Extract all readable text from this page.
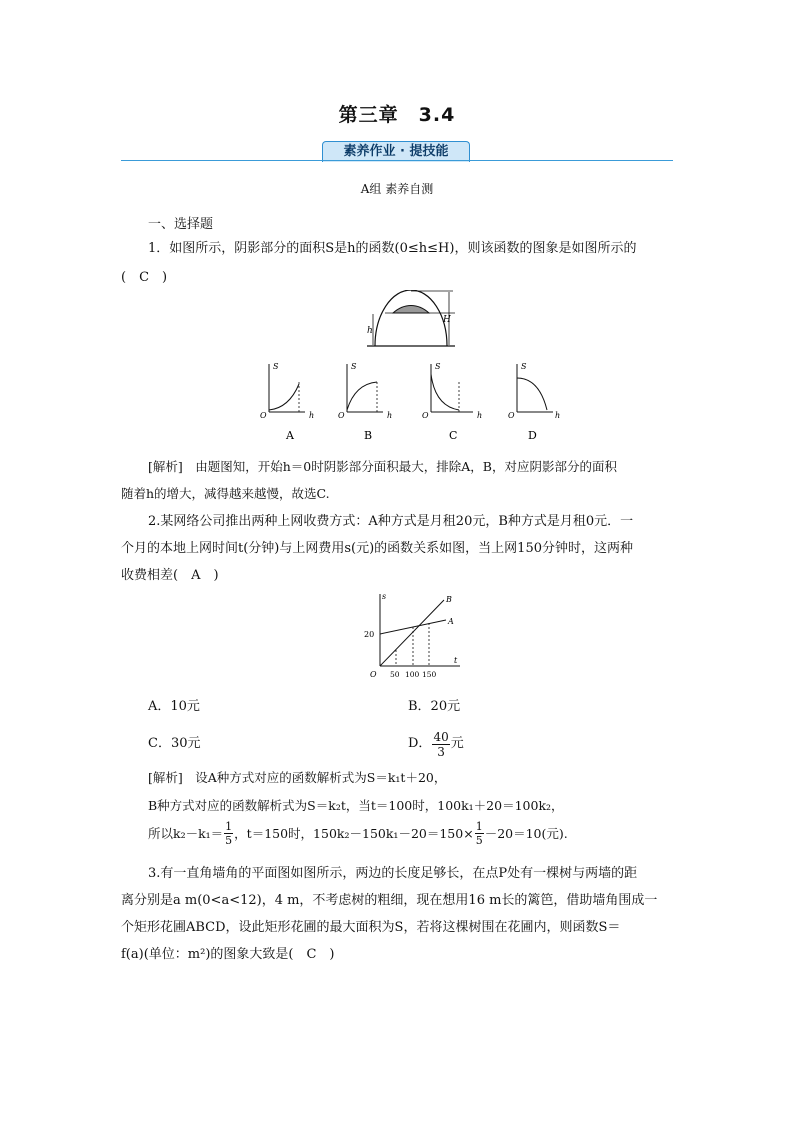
第三章　3.4
素养作业 · 提技能
A组 素养自测
一、选择题
1．如图所示，阴影部分的面积S是h的函数(0≤h≤H)，则该函数的图象是如图所示的
(　C　)
h
H
S
O	h
A
S
O	h
B
S
O	h
C
S
O	h
D
[解析]　由题图知，开始h＝0时阴影部分面积最大，排除A，B，对应阴影部分的面积
随着h的增大，减得越来越慢，故选C.
2.某网络公司推出两种上网收费方式：A种方式是月租20元，B种方式是月租0元．一
个月的本地上网时间t(分钟)与上网费用s(元)的函数关系如图，当上网150分钟时，这两种
收费相差(　A　)
s
t
O
20
50 100 150
A
B
A．10元	B．20元
C．30元	D． 40
3
元
[解析]　设A种方式对应的函数解析式为S＝k₁t＋20，
B种方式对应的函数解析式为S＝k₂t，当t＝100时，100k₁＋20＝100k₂，
所以k₂－k₁＝ 1
5 ，t＝150时，$150k_2-150k_1-20=150\times \frac{1}{5} -20=10$(元).
3.有一直角墙角的平面图如图所示，两边的长度足够长，在点P处有一棵树与两墙的距
离分别是a m(0<a<12)，4 m，不考虑树的粗细，现在想用16 m长的篱笆，借助墙角围成一
个矩形花圃ABCD，设此矩形花圃的最大面积为S，若将这棵树围在花圃内，则函数S＝
f(a)(单位：m²)的图象大致是(　C　)
